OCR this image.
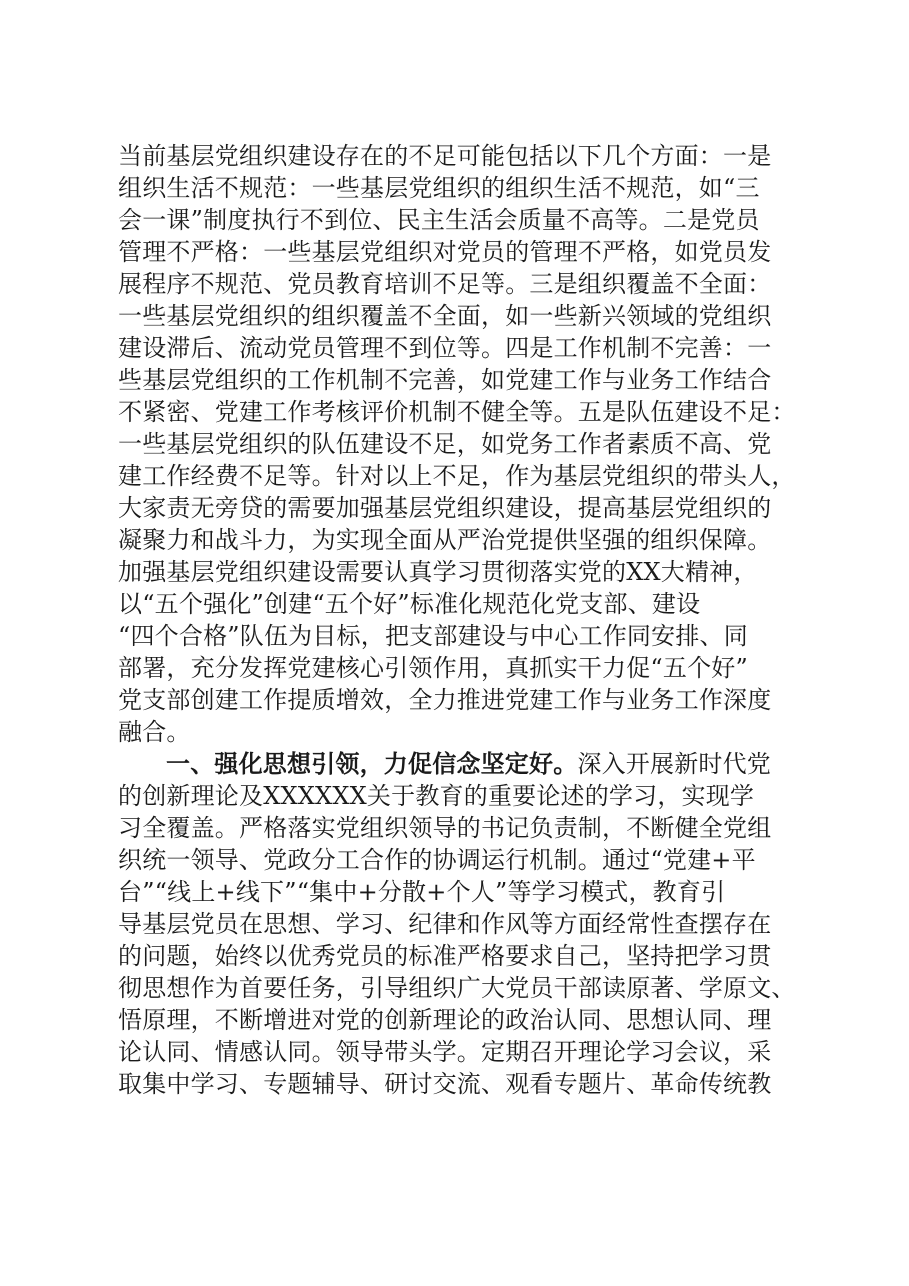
当前基层党组织建设存在的不足可能包括以下几个方面：一是
组织生活不规范：一些基层党组织的组织生活不规范，如“三
会一课”制度执行不到位、民主生活会质量不高等。二是党员
管理不严格：一些基层党组织对党员的管理不严格，如党员发
展程序不规范、党员教育培训不足等。三是组织覆盖不全面：
一些基层党组织的组织覆盖不全面，如一些新兴领域的党组织
建设滞后、流动党员管理不到位等。四是工作机制不完善：一
些基层党组织的工作机制不完善，如党建工作与业务工作结合
不紧密、党建工作考核评价机制不健全等。五是队伍建设不足：
一些基层党组织的队伍建设不足，如党务工作者素质不高、党
建工作经费不足等。针对以上不足，作为基层党组织的带头人，
大家责无旁贷的需要加强基层党组织建设，提高基层党组织的
凝聚力和战斗力，为实现全面从严治党提供坚强的组织保障。
加强基层党组织建设需要认真学习贯彻落实党的XX大精神，
以“五个强化”创建“五个好”标准化规范化党支部、建设
“四个合格”队伍为目标，把支部建设与中心工作同安排、同
部署，充分发挥党建核心引领作用，真抓实干力促“五个好”
党支部创建工作提质增效，全力推进党建工作与业务工作深度
融合。
一、强化思想引领，力促信念坚定好。深入开展新时代党
的创新理论及XXXXXX关于教育的重要论述的学习，实现学
习全覆盖。严格落实党组织领导的书记负责制，不断健全党组
织统一领导、党政分工合作的协调运行机制。通过“党建+平
台”“线上+线下”“集中+分散+个人”等学习模式，教育引
导基层党员在思想、学习、纪律和作风等方面经常性查摆存在
的问题，始终以优秀党员的标准严格要求自己，坚持把学习贯
彻思想作为首要任务，引导组织广大党员干部读原著、学原文、
悟原理，不断增进对党的创新理论的政治认同、思想认同、理
论认同、情感认同。领导带头学。定期召开理论学习会议，采
取集中学习、专题辅导、研讨交流、观看专题片、革命传统教
